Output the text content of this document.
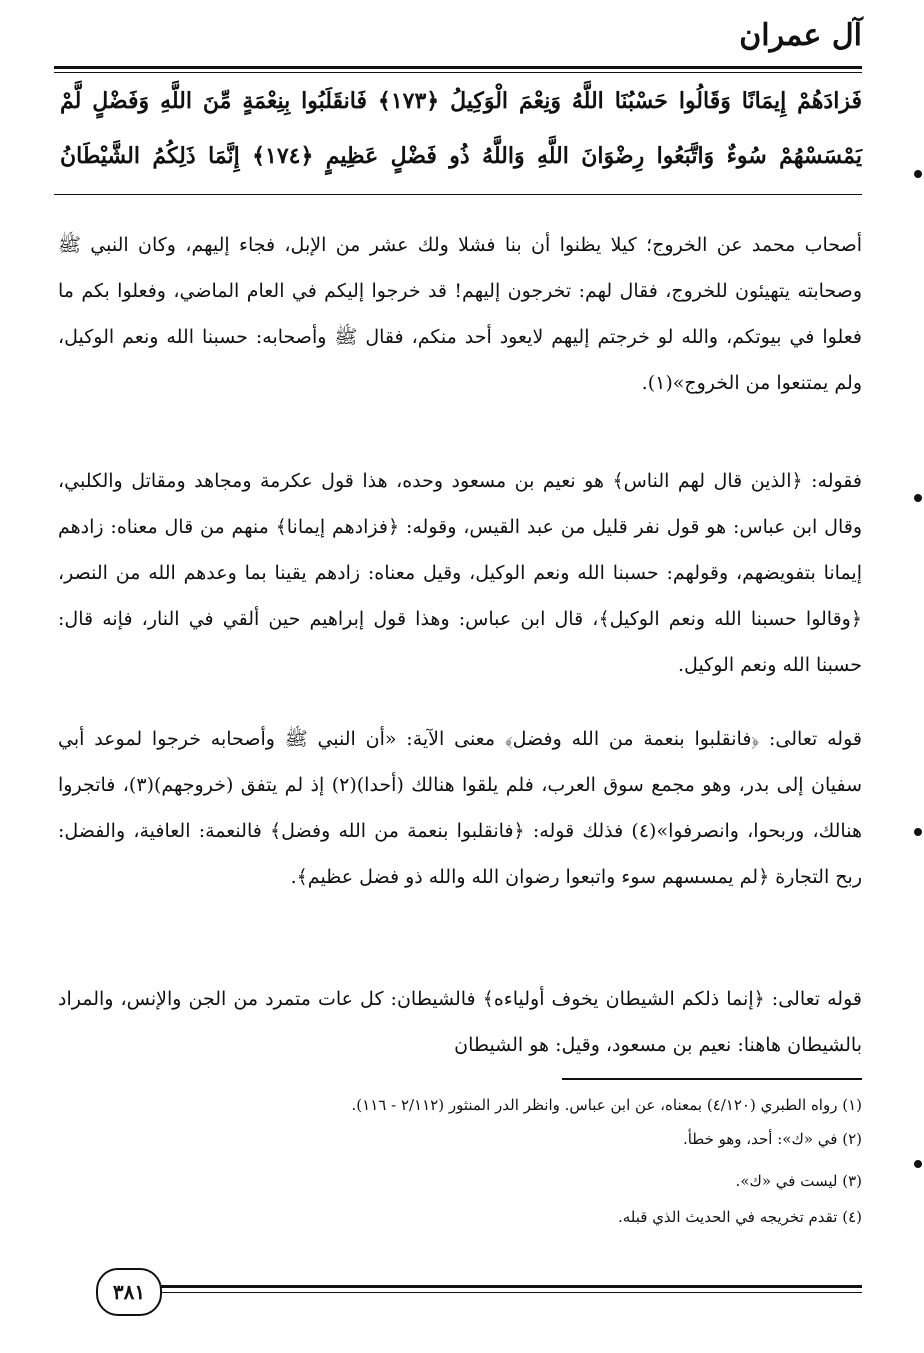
آل عمران
فَزادَهُمْ إِيمَانًا وَقَالُوا حَسْبُنَا اللَّهُ وَنِعْمَ الْوَكِيلُ ﴿١٧٣﴾ فَانقَلَبُوا بِنِعْمَةٍ مِّنَ اللَّهِ وَفَضْلٍ لَّمْ
يَمْسَسْهُمْ سُوءٌ وَاتَّبَعُوا رِضْوَانَ اللَّهِ وَاللَّهُ ذُو فَضْلٍ عَظِيمٍ ﴿١٧٤﴾ إِنَّمَا ذَلِكُمُ الشَّيْطَانُ
أصحاب محمد عن الخروج؛ كيلا يظنوا أن بنا فشلا ولك عشر من الإبل، فجاء إليهم، وكان النبي ﷺ وصحابته يتهيئون للخروج، فقال لهم: تخرجون إليهم! قد خرجوا إليكم في العام الماضي، وفعلوا بكم ما فعلوا في بيوتكم، والله لو خرجتم إليهم لايعود أحد منكم، فقال ﷺ وأصحابه: حسبنا الله ونعم الوكيل، ولم يمتنعوا من الخروج»(١).
فقوله: ﴿الذين قال لهم الناس﴾ هو نعيم بن مسعود وحده، هذا قول عكرمة ومجاهد ومقاتل والكلبي، وقال ابن عباس: هو قول نفر قليل من عبد القيس، وقوله: ﴿فزادهم إيمانا﴾ منهم من قال معناه: زادهم إيمانا بتفويضهم، وقولهم: حسبنا الله ونعم الوكيل، وقيل معناه: زادهم يقينا بما وعدهم الله من النصر، ﴿وقالوا حسبنا الله ونعم الوكيل﴾، قال ابن عباس: وهذا قول إبراهيم حين ألقي في النار، فإنه قال: حسبنا الله ونعم الوكيل.
قوله تعالى: ﴿فانقلبوا بنعمة من الله وفضل﴾ معنى الآية: «أن النبي ﷺ وأصحابه خرجوا لموعد أبي سفيان إلى بدر، وهو مجمع سوق العرب، فلم يلقوا هنالك (أحدا)(٢) إذ لم يتفق (خروجهم)(٣)، فاتجروا هنالك، وربحوا، وانصرفوا»(٤) فذلك قوله: ﴿فانقلبوا بنعمة من الله وفضل﴾ فالنعمة: العافية، والفضل: ربح التجارة ﴿لم يمسسهم سوء واتبعوا رضوان الله والله ذو فضل عظيم﴾.
قوله تعالى: ﴿إنما ذلكم الشيطان يخوف أولياءه﴾ فالشيطان: كل عات متمرد من الجن والإنس، والمراد بالشيطان هاهنا: نعيم بن مسعود، وقيل: هو الشيطان
(١) رواه الطبري (٤/١٢٠) بمعناه، عن ابن عباس. وانظر الدر المنثور (٢/١١٢ - ١١٦).
(٢) في «ك»: أحد، وهو خطأ.
(٣) ليست في «ك».
(٤) تقدم تخريجه في الحديث الذي قبله.
٣٨١
